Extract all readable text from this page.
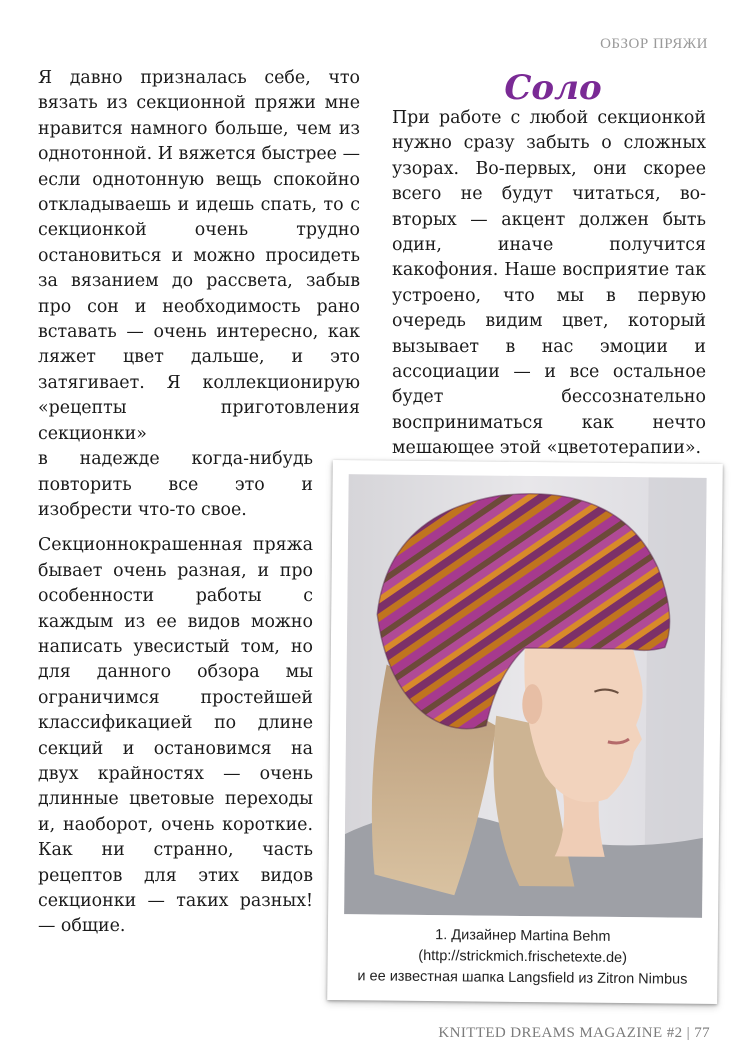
ОБЗОР ПРЯЖИ

Я давно призналась себе, что вязать из секционной пряжи мне нравится намного больше, чем из однотонной. И вяжется быстрее — если однотонную вещь спокойно откладываешь и идешь спать, то с секционкой очень трудно остановиться и можно просидеть за вязанием до рассвета, забыв про сон и необходимость рано вставать — очень интересно, как ляжет цвет дальше, и это затягивает. Я коллекционирую «рецепты приготовления секционки»

в надежде когда-нибудь повторить все это и изобрести что-то свое.

Секционнокрашенная пряжа бывает очень разная, и про особенности работы с каждым из ее видов можно написать увесистый том, но для данного обзора мы ограничимся простейшей классификацией по длине секций и остановимся на двух крайностях — очень длинные цветовые переходы и, наоборот, очень короткие. Как ни странно, часть рецептов для этих видов секционки — таких разных! — общие.

Соло

При работе с любой секционкой нужно сразу забыть о сложных узорах. Во-первых, они скорее всего не будут читаться, во-вторых — акцент должен быть один, иначе получится какофония. Наше восприятие так устроено, что мы в первую очередь видим цвет, который вызывает в нас эмоции и ассоциации — и все остальное будет бессознательно восприниматься как нечто мешающее этой «цветотерапии».

1. Дизайнер Martina Behm
(http://strickmich.frischetexte.de)
и ее известная шапка Langsfield из Zitron Nimbus
KNITTED DREAMS MAGAZINE #2 | 77
